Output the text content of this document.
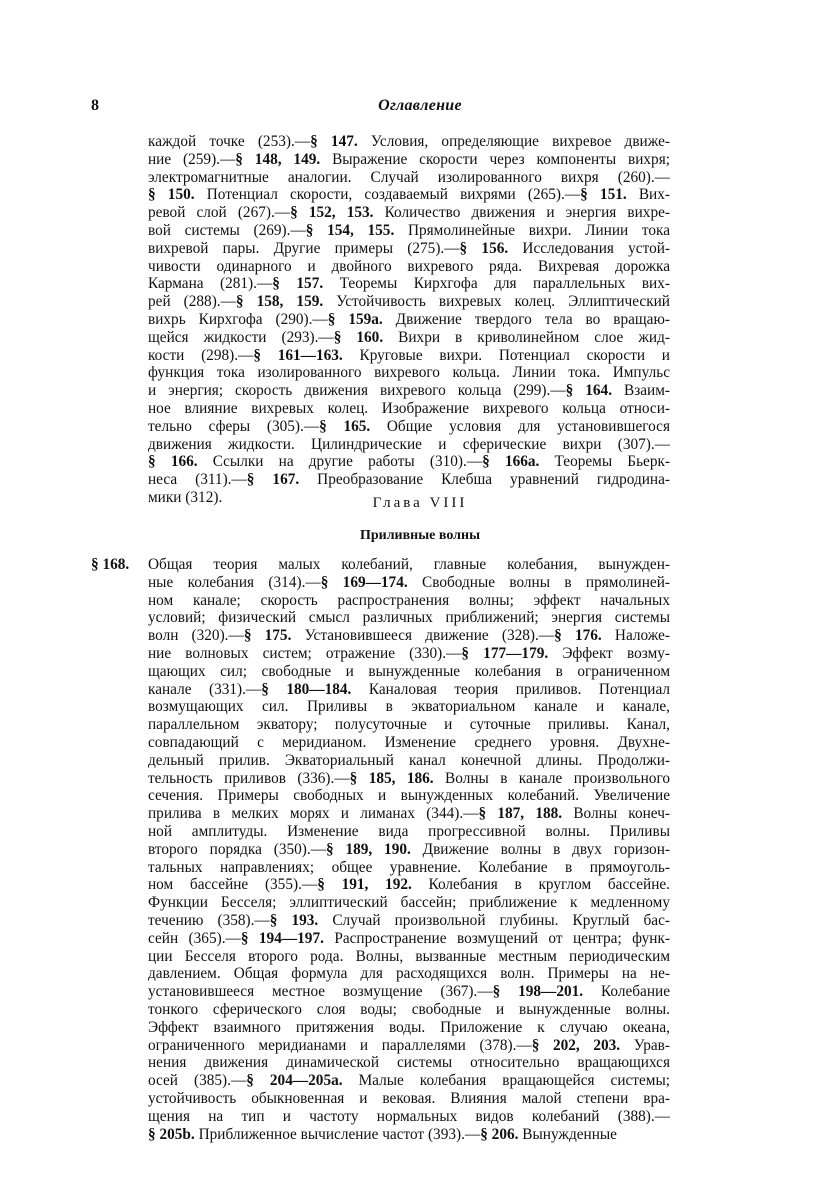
8	Оглавление
каждой точке (253).—§ 147. Условия, определяющие вихревое движе-
ние (259).—§ 148, 149. Выражение скорости через компоненты вихря;
электромагнитные аналогии. Случай изолированного вихря (260).—
§ 150. Потенциал скорости, создаваемый вихрями (265).—§ 151. Вих-
ревой слой (267).—§ 152, 153. Количество движения и энергия вихре-
вой системы (269).—§ 154, 155. Прямолинейные вихри. Линии тока
вихревой пары. Другие примеры (275).—§ 156. Исследования устой-
чивости одинарного и двойного вихревого ряда. Вихревая дорожка
Кармана (281).—§ 157. Теоремы Кирхгофа для параллельных вих-
рей (288).—§ 158, 159. Устойчивость вихревых колец. Эллиптический
вихрь Кирхгофа (290).—§ 159a. Движение твердого тела во вращаю-
щейся жидкости (293).—§ 160. Вихри в криволинейном слое жид-
кости (298).—§ 161—163. Круговые вихри. Потенциал скорости и
функция тока изолированного вихревого кольца. Линии тока. Импульс
и энергия; скорость движения вихревого кольца (299).—§ 164. Взаим-
ное влияние вихревых колец. Изображение вихревого кольца относи-
тельно сферы (305).—§ 165. Общие условия для установившегося
движения жидкости. Цилиндрические и сферические вихри (307).—
§ 166. Ссылки на другие работы (310).—§ 166a. Теоремы Бьерк-
неса (311).—§ 167. Преобразование Клебша уравнений гидродина-
мики (312).	Глава VIII
Приливные волны
§ 168. Общая теория малых колебаний, главные колебания, вынужден-
ные колебания (314).—§ 169—174. Свободные волны в прямолиней-
ном канале; скорость распространения волны; эффект начальных
условий; физический смысл различных приближений; энергия системы
волн (320).—§ 175. Установившееся движение (328).—§ 176. Наложе-
ние волновых систем; отражение (330).—§ 177—179. Эффект возму-
щающих сил; свободные и вынужденные колебания в ограниченном
канале (331).—§ 180—184. Каналовая теория приливов. Потенциал
возмущающих сил. Приливы в экваториальном канале и канале,
параллельном экватору; полусуточные и суточные приливы. Канал,
совпадающий с меридианом. Изменение среднего уровня. Двухне-
дельный прилив. Экваториальный канал конечной длины. Продолжи-
тельность приливов (336).—§ 185, 186. Волны в канале произвольного
сечения. Примеры свободных и вынужденных колебаний. Увеличение
прилива в мелких морях и лиманах (344).—§ 187, 188. Волны конеч-
ной амплитуды. Изменение вида прогрессивной волны. Приливы
второго порядка (350).—§ 189, 190. Движение волны в двух горизон-
тальных направлениях; общее уравнение. Колебание в прямоуголь-
ном бассейне (355).—§ 191, 192. Колебания в круглом бассейне.
Функции Бесселя; эллиптический бассейн; приближение к медленному
течению (358).—§ 193. Случай произвольной глубины. Круглый бас-
сейн (365).—§ 194—197. Распространение возмущений от центра; функ-
ции Бесселя второго рода. Волны, вызванные местным периодическим
давлением. Общая формула для расходящихся волн. Примеры на не-
установившееся местное возмущение (367).—§ 198—201. Колебание
тонкого сферического слоя воды; свободные и вынужденные волны.
Эффект взаимного притяжения воды. Приложение к случаю океана,
ограниченного меридианами и параллелями (378).—§ 202, 203. Урав-
нения движения динамической системы относительно вращающихся
осей (385).—§ 204—205a. Малые колебания вращающейся системы;
устойчивость обыкновенная и вековая. Влияния малой степени вра-
щения на тип и частоту нормальных видов колебаний (388).—
§ 205b. Приближенное вычисление частот (393).—§ 206. Вынужденные
